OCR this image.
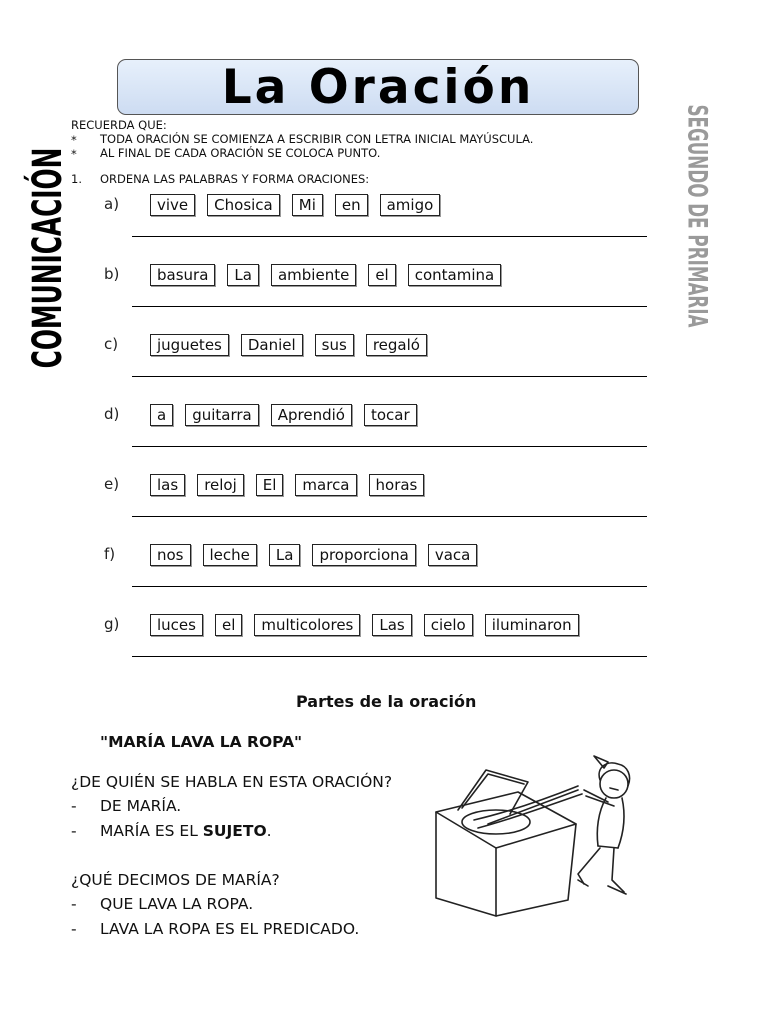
La Oración
COMUNICACIÓN	SEGUNDO DE PRIMARIA
RECUERDA QUE:
* TODA ORACIÓN SE COMIENZA A ESCRIBIR CON LETRA INICIAL MAYÚSCULA.
* AL FINAL DE CADA ORACIÓN SE COLOCA PUNTO.
1. ORDENA LAS PALABRAS Y FORMA ORACIONES:
a)	vive	Chosica	Mi	en	amigo
b)	basura	La	ambiente	el	contamina
c)	juguetes	Daniel	sus	regaló
d)	a	guitarra	Aprendió	tocar
e)	las	reloj	El	marca	horas
f)	nos	leche	La	proporciona	vaca
g)	luces	el	multicolores	Las	cielo	iluminaron
Partes de la oración
"MARÍA LAVA LA ROPA"
¿DE QUIÉN SE HABLA EN ESTA ORACIÓN?
- DE MARÍA.
- MARÍA ES EL SUJETO.
¿QUÉ DECIMOS DE MARÍA?
- QUE LAVA LA ROPA.
- LAVA LA ROPA ES EL PREDICADO.
